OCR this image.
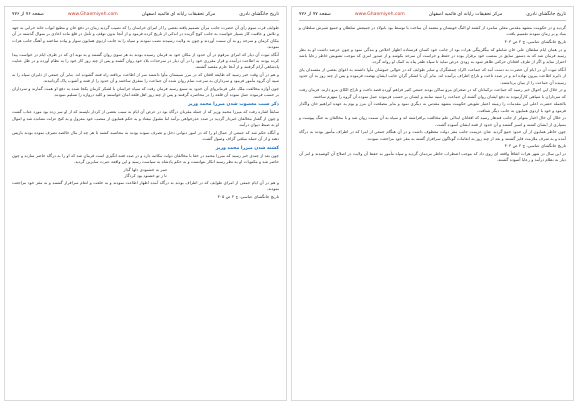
تاریخ جانگشای نادری
مرکز تحقیقات رایانه ای قائمیه اصفهان
www.Ghaemiyeh.com
صفحه ۷۶ از ۷۷۶

طوایف قرب سوم رأی آن حضرت جانب مرآن تصمیم یافته بعضی را از امرای خراسان را که نصیب گردید زمان در دفع خان و مطیع ابواب خانه خرابی به جهد و تلاش و عاقبت کار بسیار خواست به جانب کوچ گزیده در اندکی از تاریخ کرده فرمود و از آنجا بدون توقف و تأمل در قلع ماده اعادی بر منوال گذشته در آن مکان کرمان و سرحد رو به آن سمت آوردند و چون به ولایت رسیدند نصب نمودند و سپاه را به جانب اردوی همایون سوار و پیاده ساختند و آهنگ جانب هرات نمودند.

آنگاه ثبوت آن دیار که امرای مرقوم در آن حدود از مکان خود به فرمان رسیده بودند به هر سوی روان گشتند و به نوبه ای که در ظرف ایام در خواست پیدا کرده بودند به اطاعت درآمده و قرار مقرری خود را در آن دیار در سرحدات بلاد خود روان گشته و پس از چند روز کار خود را به نظام آورده و در ظل عنایت پادشاهی آرام گرفتند و از آنجا عازم مقصد گشتند.

و هم در آن وقت خبر رسید که طایفه افغان که در مرز سیستان مأوا داشتند سر از اطاعت برتافته راه فتنه گشوده اند. بنابر آن جمعی از دلیران سپاه را به تنبیه آن گروه مأمور فرمود و سرداران به سرعت تمام روان شده آن جماعت را متفرق ساختند و آن حدود را از فتنه و آشوب پاک گردانیدند.

چون آوازه مخالفت ملک علی فرمانروای آن حدود به سمع رسید فرمان رفت که سپاه خراسان با لشکر کرمان یکجا شده به دفع او همت گمارند و سرداران بر حسب فرموده عمل نموده آن قلعه را در محاصره گرفتند و پس از چند روز اهل قلعه امان خواستند و کلید دروازه را تسلیم نمودند.

ذکر سبب مغضوب شدن میرزا محمد وزیر

سابقاً اشاره رفت که میرزا محمد وزیر که از جمله مقربان درگاه بود در عرض آن ایام به سبب بعضی از کردار ناپسند که از او سر زده بود مورد عتاب گشت و چون از گفتار مخالفان خبردار گردید در صدد عذرخواهی برآمد اما مقبول نیفتاد و به حکم همایون از منصب خود معزول و به کنج عزلت نشانده شد و اموال او به ضبط دیوان درآمد.

و آنگاه حکم شد که جمعی از عمال او را که در امور دیوانی دخل و تصرف نموده بودند به محاسبه کشند تا هر چه از مال خالصه تصرف نموده بودند بازپس دهند و از آن جمله مبلغی گزاف وصول گشت.

کشته شدن میرزا محمد وزیر

چون بعد از چندی خبر رسید که میرزا محمد در خفا با مخالفان دولت مکاتبه دارد و در صدد فتنه انگیزی است فرمان شد که او را به درگاه حاضر سازند و چون حاضر شد و مکتوبات او به نظر رسید انکار نتوانست و به حکم پادشاه به سیاست رسید و این واقعه عبرت سایرین گردید.

عمر به خشنودی دلها گذار

تا ز تو خشنود بود کردگار

و هم در آن ایام جمعی از امرای طوایف که در اطراف بودند به درگاه آمده اظهار اطاعت نمودند و به خلعت و انعام سرافراز گشتند و به مقر خود مراجعت نمودند.

تاریخ جانگشای عباسی، ج ۳ ص ۴۰۵

تاریخ جانگشای نادری
مرکز تحقیقات رایانه ای قائمیه اصفهان
www.Ghaemiyeh.com
صفحه ۷۷ از ۷۷۶

گردید و در حکومت مشهد مقدس معلی سامرد از کشته او النگ خونشان و معتمد آن ساخت با توسط بود بابولاد در جمیعش سلطان و جمیع شیرش سلطان و بنیاد و بر زمان نمودند تقسیم یافت.

تاریخ جانگشای عباسی، ج ۳ ص ۴۰۳

و در همان ایام سلطان علی خان شاملو که بیگلربیگی هرات بود از جانب خود کسان فرستاده اظهار اخلاص و بندگی نمود و چون عرضه داشت او به نظر رسید فرمان شد که به دستور سابق در منصب خود برقرار بوده در حفظ و حراست آن سرحد بکوشد و از صدور امری که موجب تشویش خاطر رعایا باشد احتراز نماید و اگر از طرف افغانان حرکتی ظاهر شود به زودی عرض نماید تا سپاه ظفر پناه به کمک او روانه گردد.

آنگاه ثبوت آن در ایام آن حضرت به دست آمد که جماعت اکراد چمشگزک و سایر طوایف که در حوالی خبوشان مأوا داشتند به اغوای بعضی از مفسدان پای از دایره اطاعت بیرون نهاده اند و در صدد تاخت و تاراج اطراف برآمده اند. بنابر آن با لشکر گران جانب ایشان نهضت فرموده و پس از چند روز به آن حدود رسیده آن جماعت را از میان برداشتند.

و در خلال این احوال خبر رسید که جماعت ترکمانان که در صحرای مرو ساکن بودند جمعی کثیر فراهم آورده قصد تاخت و تاراج الکای مرو دارند. فرمان رفت که سرداران با سپاهی کارآزموده به دفع ایشان روان گشته آن جماعت را تنبیه نمایند و ایشان بر حسب فرموده عمل نموده آن گروه را منهزم ساختند.

بالجمله حضرت اعلی این مقدمات را زمینه اعتبار تفویض حکومت مشهد مقدس به دیگری نمود و بنابر مصلحت آن مرز و بوم به عهده ابراهیم خان واگذار فرمود و خود با اردوی همایون به جانب دیگر شتافت.

در خلال آن حال اخبار متواتر از جانب قندهار رسید که افغانان ابدالی علم مخالفت برافراشته اند و سپاه به آن سمت روان شد و با مخالفان به جنگ پیوست و بسیاری از ایشان کشته و اسیر گشتند و آن حدود از فتنه ایشان آسوده گشت.

چون خاطر همایون از آن حدود جمع گردید عنان عزیمت جانب مقر دولت معطوف داشت و در آن هنگام جمعی از امرا که در اطراف مأمور بودند به درگاه آمده و به شرف ملازمت فایز گشتند و بعد از چند روز به انعامات گوناگون سرافراز گشته به مقر خود مراجعت نمودند.

تاریخ جانگشای عباسی، ج ۳ ص ۴۰۴

در این سال در شهر هرات اتفاقاً واقعه ای روی داد که موجب اضطراب خاطر مردمان گردید و سپاه مأمور به حفظ آن ولایت در اصلاح آن کوشیدند و امر آن دیار به نظام درآمد و رعایا آسوده گشتند.
